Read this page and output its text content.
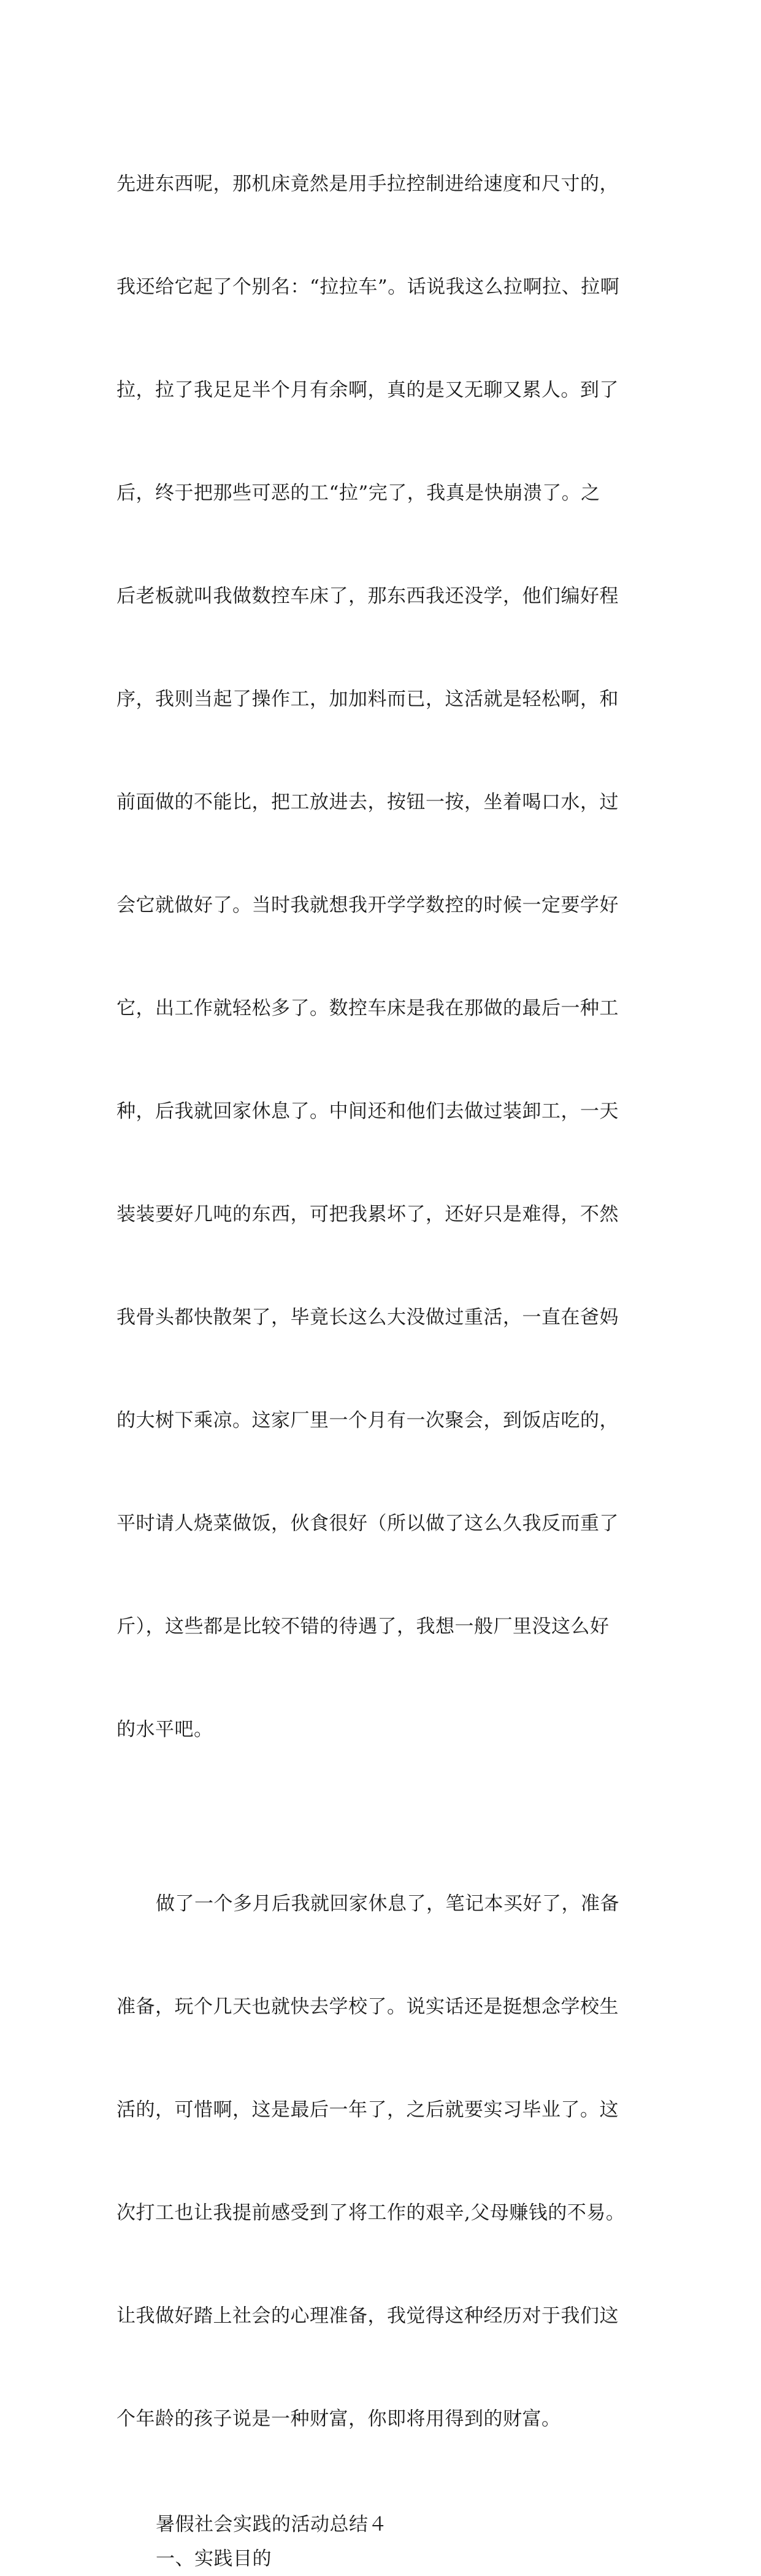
先进东西呢，那机床竟然是用手拉控制进给速度和尺寸的，

我还给它起了个别名：“拉拉车”。话说我这么拉啊拉、拉啊

拉，拉了我足足半个月有余啊，真的是又无聊又累人。到了

后，终于把那些可恶的工“拉”完了，我真是快崩溃了。之

后老板就叫我做数控车床了，那东西我还没学，他们编好程

序，我则当起了操作工，加加料而已，这活就是轻松啊，和

前面做的不能比，把工放进去，按钮一按，坐着喝口水，过

会它就做好了。当时我就想我开学学数控的时候一定要学好

它，出工作就轻松多了。数控车床是我在那做的最后一种工

种，后我就回家休息了。中间还和他们去做过装卸工，一天

装装要好几吨的东西，可把我累坏了，还好只是难得，不然

我骨头都快散架了，毕竟长这么大没做过重活，一直在爸妈

的大树下乘凉。这家厂里一个月有一次聚会，到饭店吃的，

平时请人烧菜做饭，伙食很好（所以做了这么久我反而重了

斤），这些都是比较不错的待遇了，我想一般厂里没这么好

的水平吧。

做了一个多月后我就回家休息了，笔记本买好了，准备

准备，玩个几天也就快去学校了。说实话还是挺想念学校生

活的，可惜啊，这是最后一年了，之后就要实习毕业了。这

次打工也让我提前感受到了将工作的艰辛,父母赚钱的不易。

让我做好踏上社会的心理准备，我觉得这种经历对于我们这

个年龄的孩子说是一种财富，你即将用得到的财富。

暑假社会实践的活动总结４
一、实践目的
